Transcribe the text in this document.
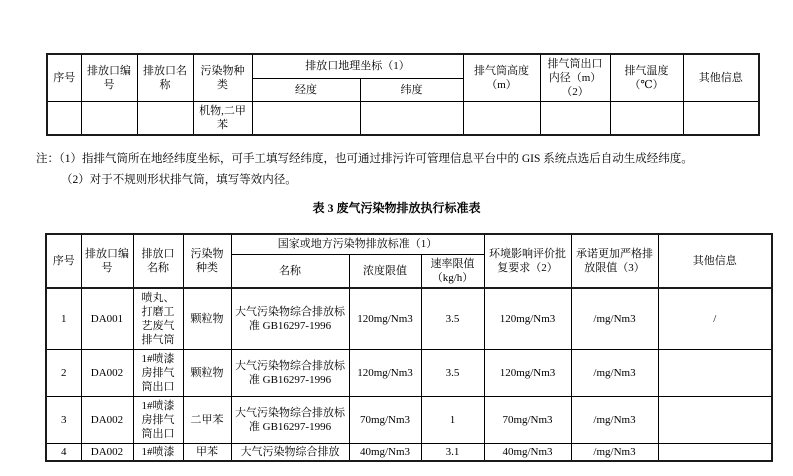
序号	排放口编号	排放口名称	污染物种类	排放口地理坐标（1）		排气筒高度（m）	排气筒出口内径（m）（2）	排气温度（℃）	其他信息
				经度	纬度				
			机物,二甲苯						
注：（1）指排气筒所在地经纬度坐标，可手工填写经纬度，也可通过排污许可管理信息平台中的 GIS 系统点选后自动生成经纬度。
（2）对于不规则形状排气筒，填写等效内径。
表 3 废气污染物排放执行标准表
序号	排放口编号	排放口名称	污染物种类	国家或地方污染物排放标准（1）			环境影响评价批复要求（2）	承诺更加严格排放限值（3）	其他信息
				名称	浓度限值	速率限值（kg/h）			
1	DA001	喷丸、打磨工艺废气排气筒	颗粒物	大气污染物综合排放标准 GB16297-1996	120mg/Nm3	3.5	120mg/Nm3	/mg/Nm3	/
2	DA002	1#喷漆房排气筒出口	颗粒物	大气污染物综合排放标准 GB16297-1996	120mg/Nm3	3.5	120mg/Nm3	/mg/Nm3	
3	DA002	1#喷漆房排气筒出口	二甲苯	大气污染物综合排放标准 GB16297-1996	70mg/Nm3	1	70mg/Nm3	/mg/Nm3	
4	DA002	1#喷漆	甲苯	大气污染物综合排放	40mg/Nm3	3.1	40mg/Nm3	/mg/Nm3	
